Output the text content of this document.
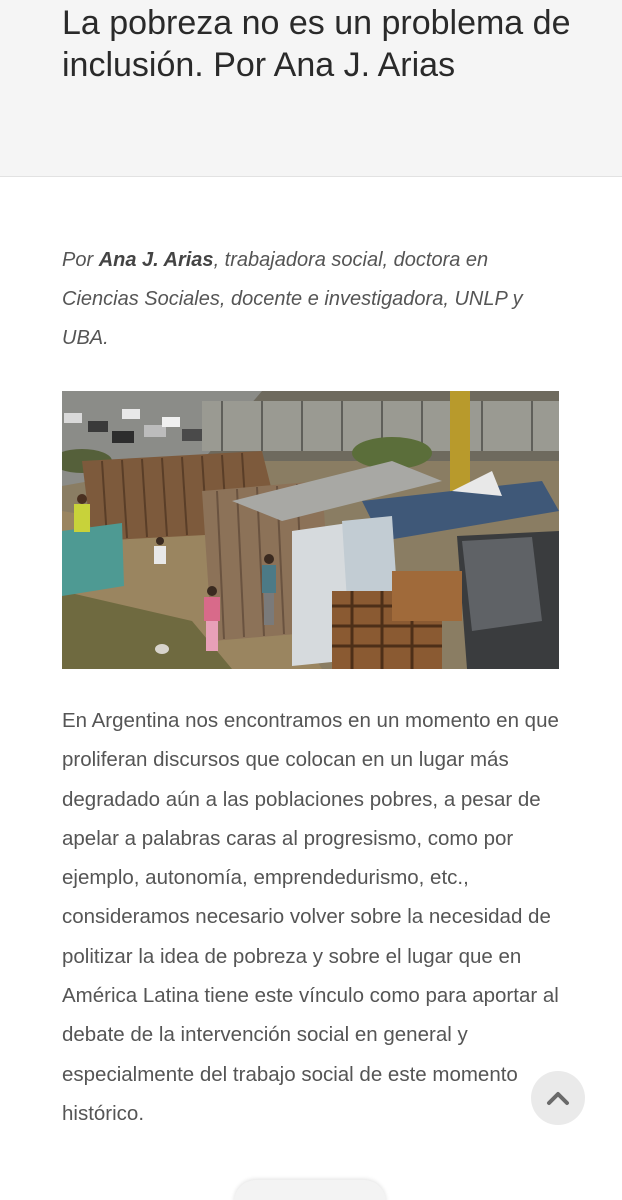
La pobreza no es un problema de inclusión. Por Ana J. Arias

Por Ana J. Arias, trabajadora social, doctora en Ciencias Sociales, docente e investigadora, UNLP y UBA.

En Argentina nos encontramos en un momento en que proliferan discursos que colocan en un lugar más degradado aún a las poblaciones pobres, a pesar de apelar a palabras caras al progresismo, como por ejemplo, autonomía, emprendedurismo, etc., consideramos necesario volver sobre la necesidad de politizar la idea de pobreza y sobre el lugar que en América Latina tiene este vínculo como para aportar al debate de la intervención social en general y especialmente del trabajo social de este momento histórico.
